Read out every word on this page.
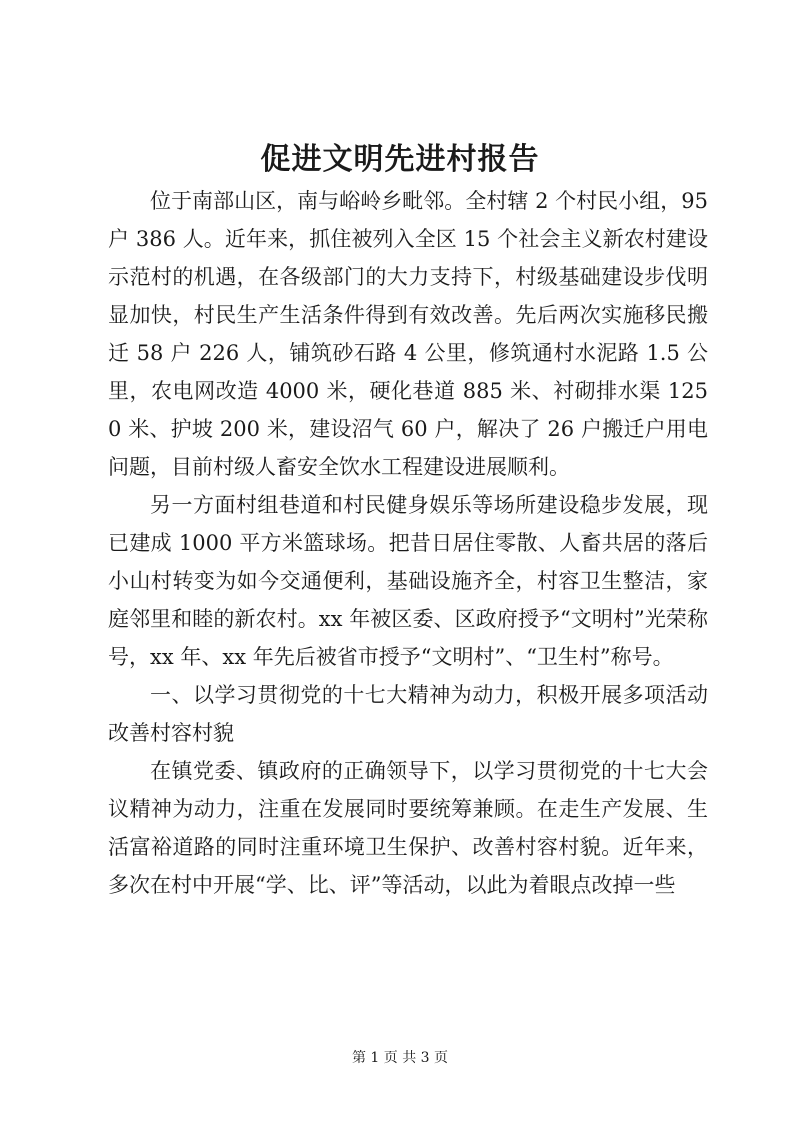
促进文明先进村报告

位于南部山区，南与峪岭乡毗邻。全村辖 2 个村民小组，95 户 386 人。近年来，抓住被列入全区 15 个社会主义新农村建设示范村的机遇，在各级部门的大力支持下，村级基础建设步伐明显加快，村民生产生活条件得到有效改善。先后两次实施移民搬迁 58 户 226 人，铺筑砂石路 4 公里，修筑通村水泥路 1.5 公里，农电网改造 4000 米，硬化巷道 885 米、衬砌排水渠 1250 米、护坡 200 米，建设沼气 60 户，解决了 26 户搬迁户用电问题，目前村级人畜安全饮水工程建设进展顺利。

另一方面村组巷道和村民健身娱乐等场所建设稳步发展，现已建成 1000 平方米篮球场。把昔日居住零散、人畜共居的落后小山村转变为如今交通便利，基础设施齐全，村容卫生整洁，家庭邻里和睦的新农村。xx 年被区委、区政府授予“文明村”光荣称号，xx 年、xx 年先后被省市授予“文明村”、“卫生村”称号。

一、以学习贯彻党的十七大精神为动力，积极开展多项活动改善村容村貌

在镇党委、镇政府的正确领导下，以学习贯彻党的十七大会议精神为动力，注重在发展同时要统筹兼顾。在走生产发展、生活富裕道路的同时注重环境卫生保护、改善村容村貌。近年来，多次在村中开展“学、比、评”等活动，以此为着眼点改掉一些

第 1 页 共 3 页
